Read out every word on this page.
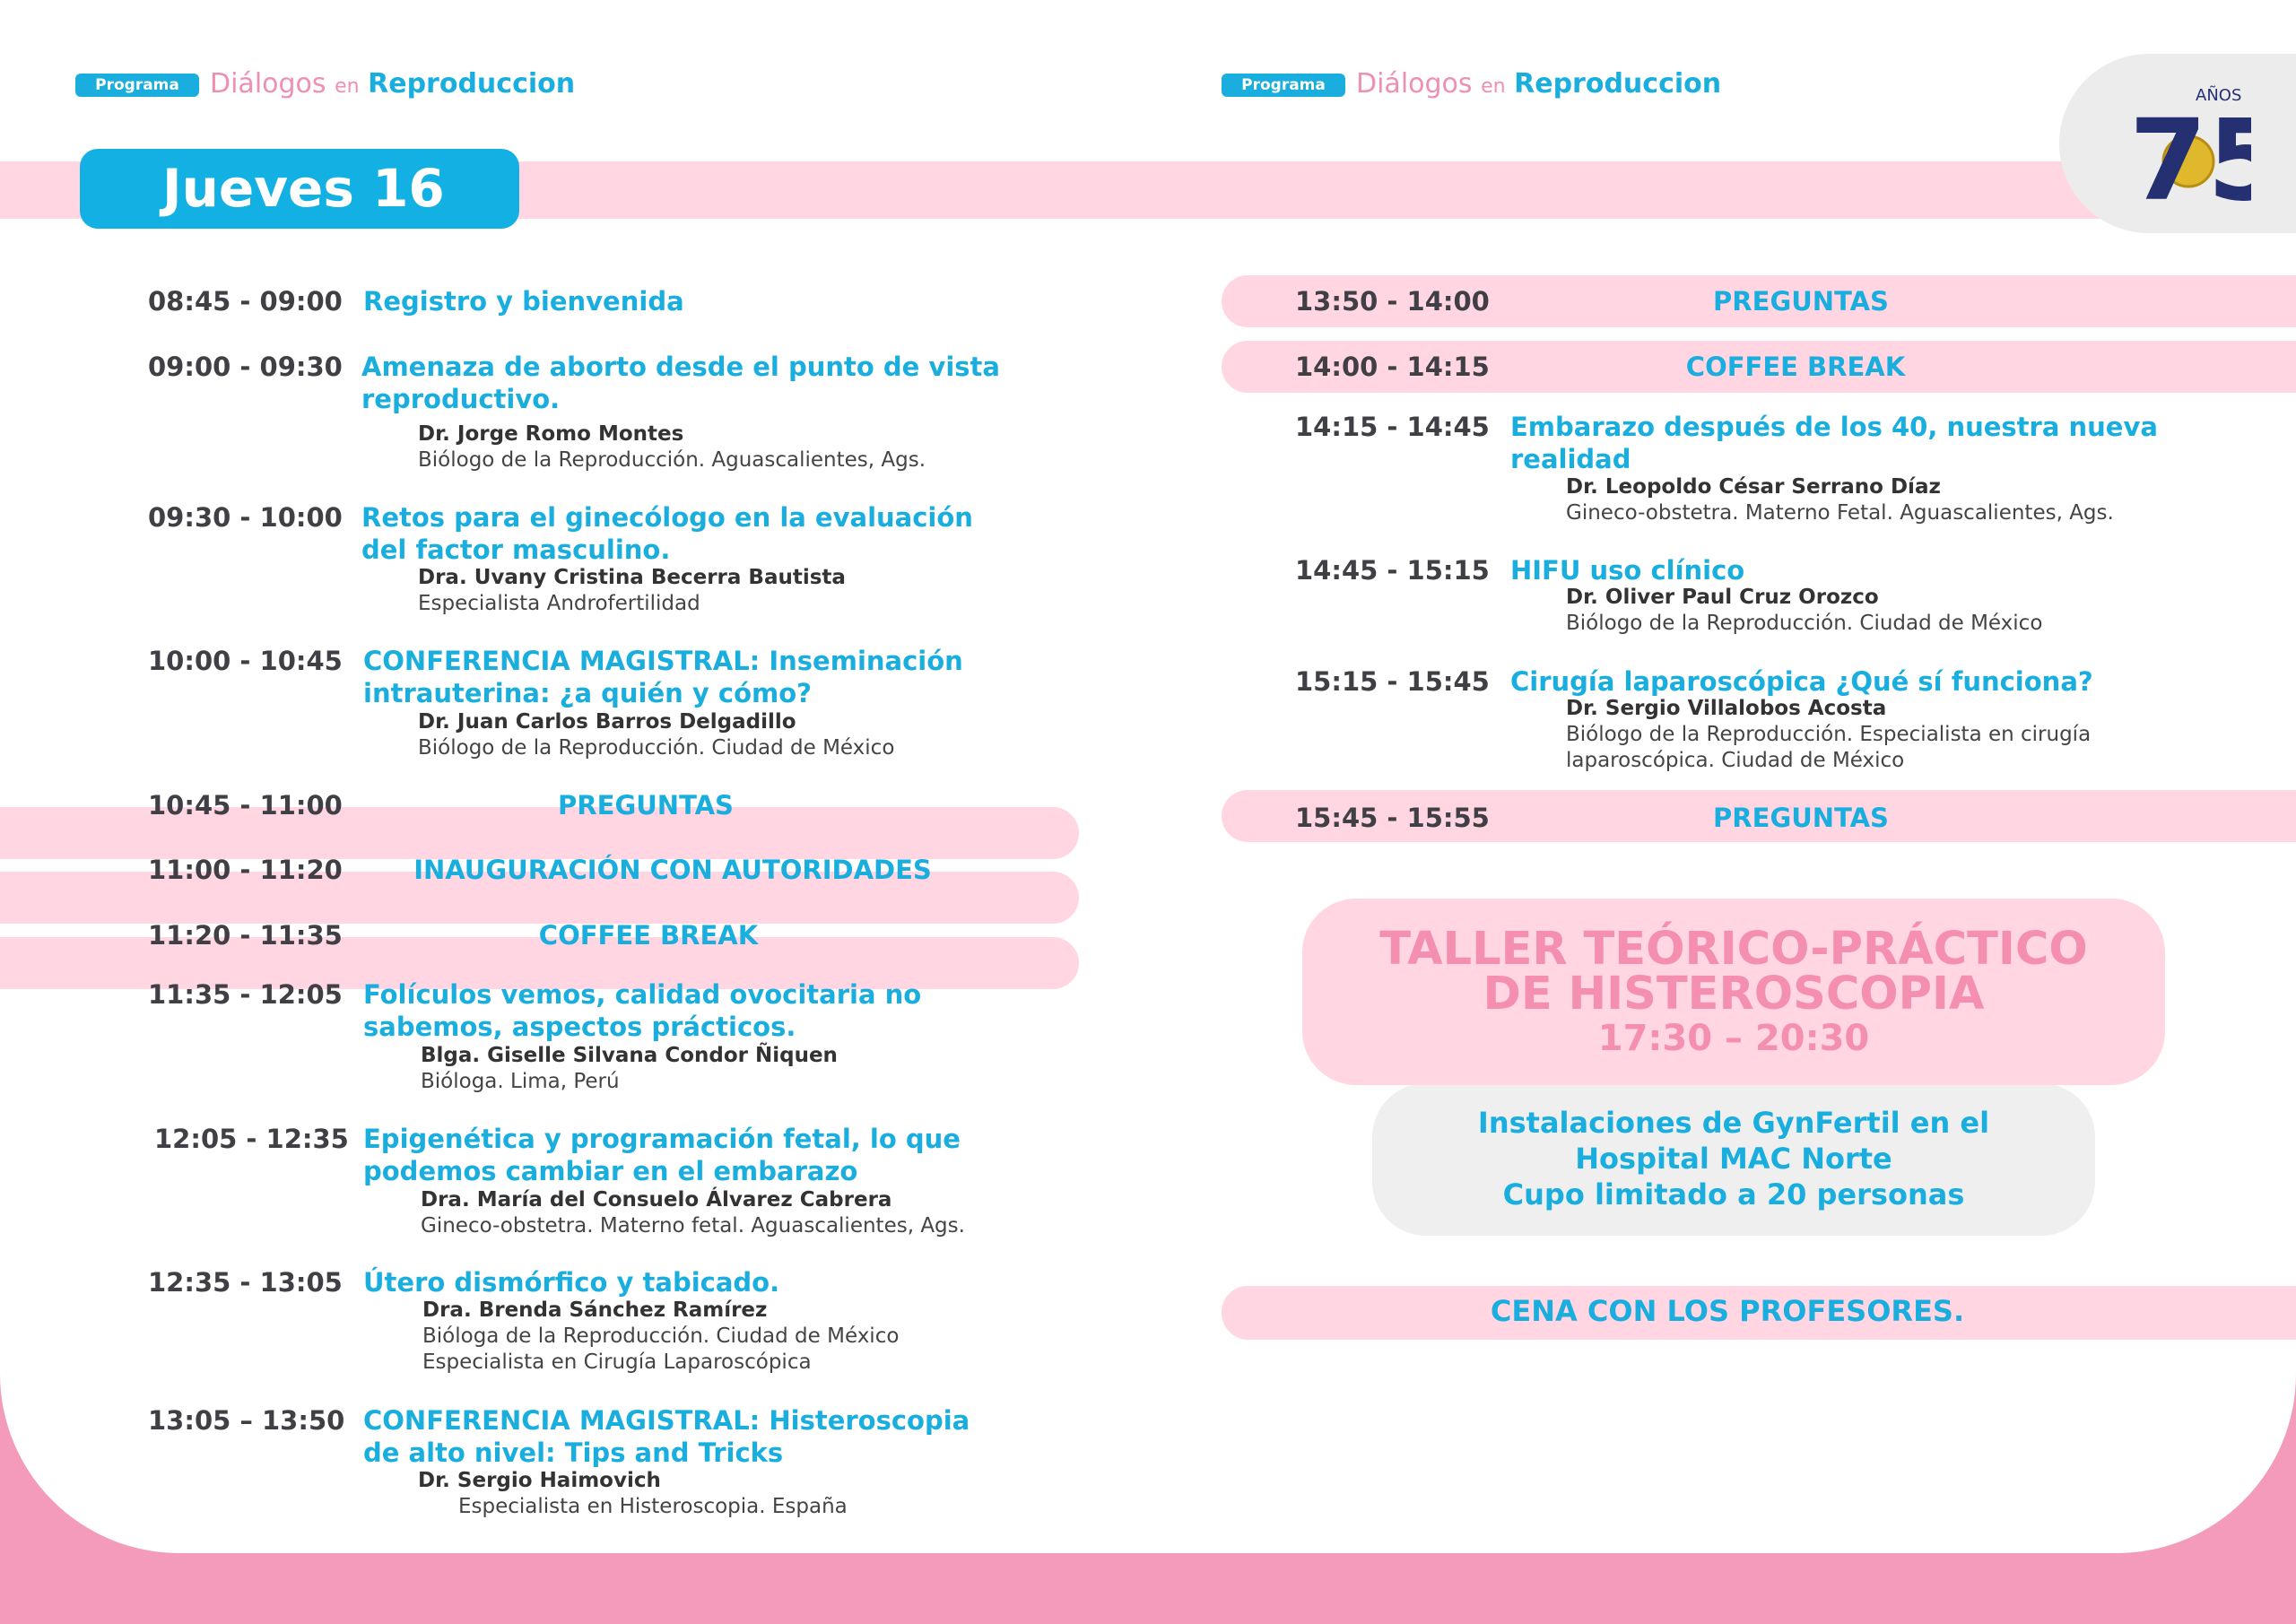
Programa	Diálogos en Reproduccion	Programa	Diálogos en Reproduccion
Jueves 16	75
AÑOS
08:45 - 09:00 Registro y bienvenida
09:00 - 09:30 Amenaza de aborto desde el punto de vista reproductivo.
Dr. Jorge Romo Montes
Biólogo de la Reproducción. Aguascalientes, Ags.
09:30 - 10:00 Retos para el ginecólogo en la evaluación del factor masculino.
Dra. Uvany Cristina Becerra Bautista
Especialista Androfertilidad
10:00 - 10:45 CONFERENCIA MAGISTRAL: Inseminación intrauterina: ¿a quién y cómo?
Dr. Juan Carlos Barros Delgadillo
Biólogo de la Reproducción. Ciudad de México
10:45 - 11:00	PREGUNTAS
11:00 - 11:20	INAUGURACIÓN CON AUTORIDADES
11:20 - 11:35	COFFEE BREAK
11:35 - 12:05 Folículos vemos, calidad ovocitaria no sabemos, aspectos prácticos.
Blga. Giselle Silvana Condor Ñiquen
Bióloga. Lima, Perú
12:05 - 12:35 Epigenética y programación fetal, lo que podemos cambiar en el embarazo
Dra. María del Consuelo Álvarez Cabrera
Gineco-obstetra. Materno fetal. Aguascalientes, Ags.
12:35 - 13:05 Útero dismórfico y tabicado.
Dra. Brenda Sánchez Ramírez
Bióloga de la Reproducción. Ciudad de México
Especialista en Cirugía Laparoscópica
13:05 – 13:50 CONFERENCIA MAGISTRAL: Histeroscopia de alto nivel: Tips and Tricks
Dr. Sergio Haimovich
Especialista en Histeroscopia. España
13:50 - 14:00	PREGUNTAS
14:00 - 14:15	COFFEE BREAK
14:15 - 14:45 Embarazo después de los 40, nuestra nueva realidad
Dr. Leopoldo César Serrano Díaz
Gineco-obstetra. Materno Fetal. Aguascalientes, Ags.
14:45 - 15:15 HIFU uso clínico
Dr. Oliver Paul Cruz Orozco
Biólogo de la Reproducción. Ciudad de México
15:15 - 15:45 Cirugía laparoscópica ¿Qué sí funciona?
Dr. Sergio Villalobos Acosta
Biólogo de la Reproducción. Especialista en cirugía
laparoscópica. Ciudad de México
15:45 - 15:55	PREGUNTAS
Instalaciones de GynFertil en el
Hospital MAC Norte
Cupo limitado a 20 personas
TALLER TEÓRICO-PRÁCTICO
DE HISTEROSCOPIA
17:30 – 20:30
CENA CON LOS PROFESORES.
